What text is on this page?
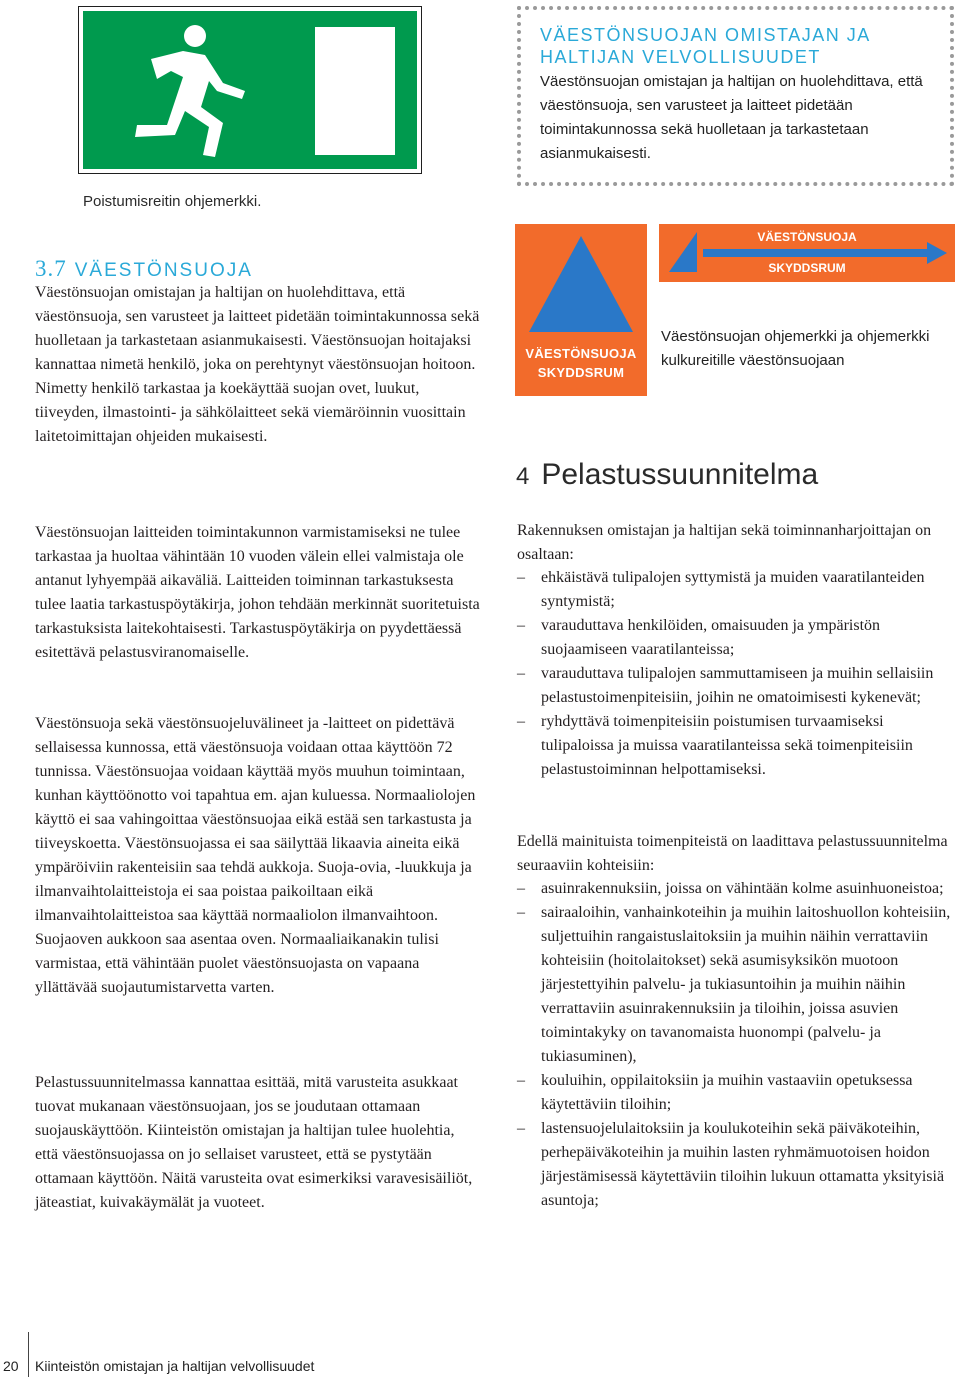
Poistumisreitin ohjemerkki.
VÄESTÖNSUOJAN OMISTAJAN JA HALTIJAN VELVOLLISUUDET
Väestönsuojan omistajan ja haltijan on huolehdittava, että väestönsuoja, sen varusteet ja laitteet pidetään toimintakunnossa sekä huolletaan ja tarkastetaan asianmukaisesti.
3.7 VÄESTÖNSUOJA
Väestönsuojan omistajan ja haltijan on huolehdittava, että väestönsuoja, sen varusteet ja laitteet pidetään toimintakunnossa sekä huolletaan ja tarkastetaan asianmukaisesti. Väestönsuojan hoitajaksi kannattaa nimetä henkilö, joka on perehtynyt väestönsuojan hoitoon. Nimetty henkilö tarkastaa ja koekäyttää suojan ovet, luukut, tiiveyden, ilmastointi- ja sähkölaitteet sekä viemäröinnin vuosittain laitetoimittajan ohjeiden mukaisesti.
Väestönsuojan laitteiden toimintakunnon varmistamiseksi ne tulee tarkastaa ja huoltaa vähintään 10 vuoden välein ellei valmistaja ole antanut lyhyempää aikaväliä. Laitteiden toiminnan tarkastuksesta tulee laatia tarkastuspöytäkirja, johon tehdään merkinnät suoritetuista tarkastuksista laitekohtaisesti. Tarkastuspöytäkirja on pyydettäessä esitettävä pelastusviranomaiselle.
Väestönsuoja sekä väestönsuojeluvälineet ja -laitteet on pidettävä sellaisessa kunnossa, että väestönsuoja voidaan ottaa käyttöön 72 tunnissa. Väestönsuojaa voidaan käyttää myös muuhun toimintaan, kunhan käyttöönotto voi tapahtua em. ajan kuluessa. Normaaliolojen käyttö ei saa vahingoittaa väestönsuojaa eikä estää sen tarkastusta ja tiiveyskoetta. Väestönsuojassa ei saa säilyttää likaavia aineita eikä ympäröiviin rakenteisiin saa tehdä aukkoja. Suoja-ovia, -luukkuja ja ilmanvaihtolaitteistoja ei saa poistaa paikoiltaan eikä ilmanvaihtolaitteistoa saa käyttää normaaliolon ilmanvaihtoon. Suojaoven aukkoon saa asentaa oven. Normaaliaikanakin tulisi varmistaa, että vähintään puolet väestönsuojasta on vapaana yllättävää suojautumistarvetta varten.
Pelastussuunnitelmassa kannattaa esittää, mitä varusteita asukkaat tuovat mukanaan väestönsuojaan, jos se joudutaan ottamaan suojauskäyttöön. Kiinteistön omistajan ja haltijan tulee huolehtia, että väestönsuojassa on jo sellaiset varusteet, että se pystytään ottamaan käyttöön. Näitä varusteita ovat esimerkiksi varavesisäiliöt, jäteastiat, kuivakäymälät ja vuoteet.
VÄESTÖNSUOJA
SKYDDSRUM
VÄESTÖNSUOJA
SKYDDSRUM
Väestönsuojan ohjemerkki ja ohjemerkki kulkureitille väestönsuojaan
4 Pelastussuunnitelma
Rakennuksen omistajan ja haltijan sekä toiminnanharjoittajan on osaltaan:
– ehkäistävä tulipalojen syttymistä ja muiden vaaratilanteiden syntymistä;
– varauduttava henkilöiden, omaisuuden ja ympäristön suojaamiseen vaaratilanteissa;
– varauduttava tulipalojen sammuttamiseen ja muihin sellaisiin pelastustoimenpiteisiin, joihin ne omatoimisesti kykenevät;
– ryhdyttävä toimenpiteisiin poistumisen turvaamiseksi tulipaloissa ja muissa vaaratilanteissa sekä toimenpiteisiin pelastustoiminnan helpottamiseksi.
Edellä mainituista toimenpiteistä on laadittava pelastussuunnitelma seuraaviin kohteisiin:
– asuinrakennuksiin, joissa on vähintään kolme asuinhuoneistoa;
– sairaaloihin, vanhainkoteihin ja muihin laitoshuollon kohteisiin, suljettuihin rangaistuslaitoksiin ja muihin näihin verrattaviin kohteisiin (hoitolaitokset) sekä asumisyksikön muotoon järjestettyihin palvelu- ja tukiasuntoihin ja muihin näihin verrattaviin asuinrakennuksiin ja tiloihin, joissa asuvien toimintakyky on tavanomaista huonompi (palvelu- ja tukiasuminen),
– kouluihin, oppilaitoksiin ja muihin vastaaviin opetuksessa käytettäviin tiloihin;
– lastensuojelulaitoksiin ja koulukoteihin sekä päiväkoteihin, perhepäiväkoteihin ja muihin lasten ryhmämuotoisen hoidon järjestämisessä käytettäviin tiloihin lukuun ottamatta yksityisiä asuntoja;
20 Kiinteistön omistajan ja haltijan velvollisuudet
